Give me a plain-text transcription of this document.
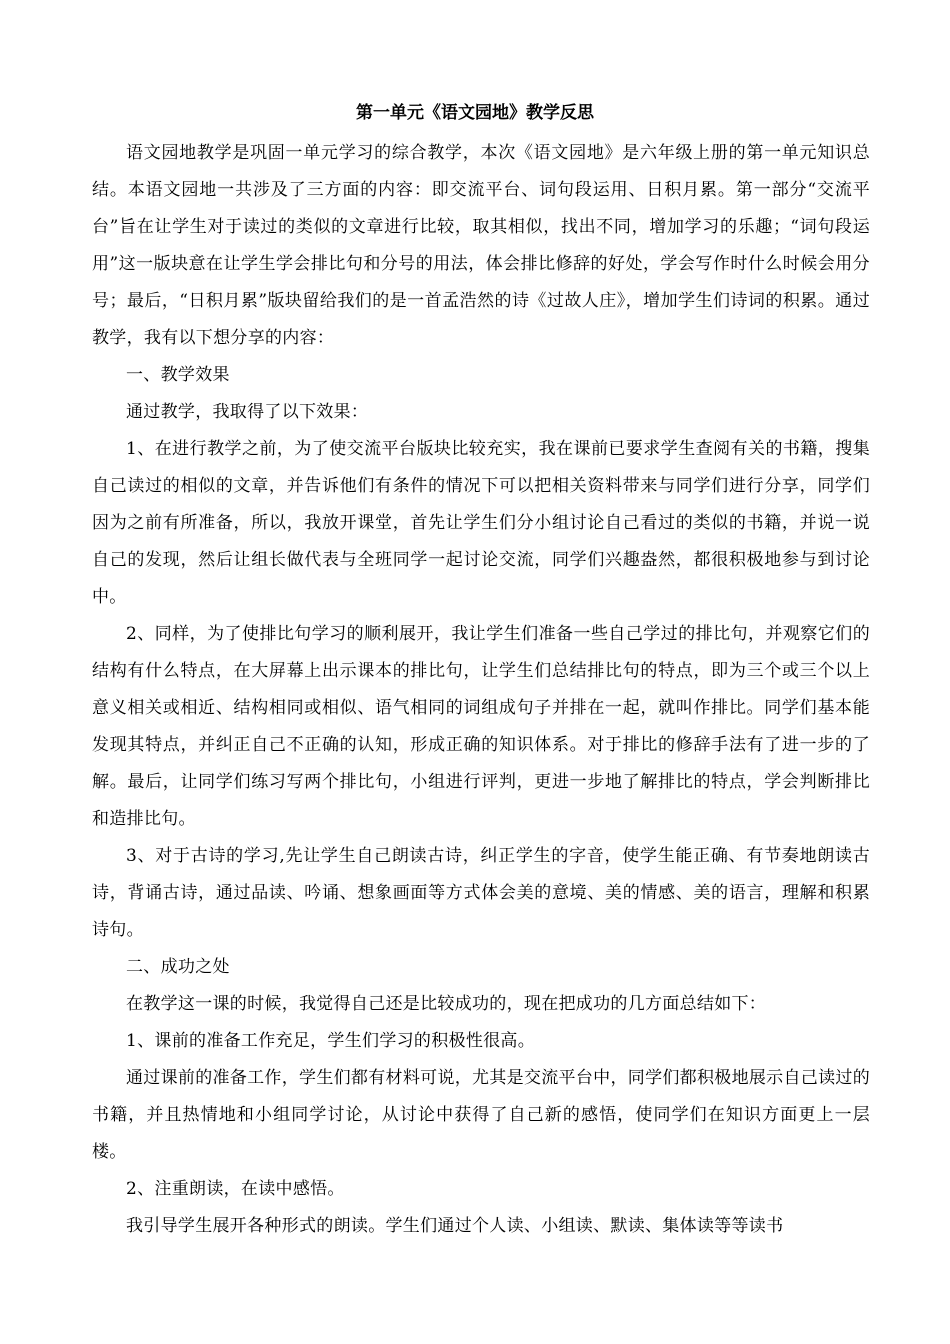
第一单元《语文园地》教学反思

语文园地教学是巩固一单元学习的综合教学，本次《语文园地》是六年级上册的第一单元知识总结。本语文园地一共涉及了三方面的内容：即交流平台、词句段运用、日积月累。第一部分“交流平台”旨在让学生对于读过的类似的文章进行比较，取其相似，找出不同，增加学习的乐趣；“词句段运用”这一版块意在让学生学会排比句和分号的用法，体会排比修辞的好处，学会写作时什么时候会用分号；最后，“日积月累”版块留给我们的是一首孟浩然的诗《过故人庄》，增加学生们诗词的积累。通过教学，我有以下想分享的内容：

一、教学效果

通过教学，我取得了以下效果：

1、在进行教学之前，为了使交流平台版块比较充实，我在课前已要求学生查阅有关的书籍，搜集自己读过的相似的文章，并告诉他们有条件的情况下可以把相关资料带来与同学们进行分享，同学们因为之前有所准备，所以，我放开课堂，首先让学生们分小组讨论自己看过的类似的书籍，并说一说自己的发现，然后让组长做代表与全班同学一起讨论交流，同学们兴趣盎然，都很积极地参与到讨论中。

2、同样，为了使排比句学习的顺利展开，我让学生们准备一些自己学过的排比句，并观察它们的结构有什么特点，在大屏幕上出示课本的排比句，让学生们总结排比句的特点，即为三个或三个以上意义相关或相近、结构相同或相似、语气相同的词组成句子并排在一起，就叫作排比。同学们基本能发现其特点，并纠正自己不正确的认知，形成正确的知识体系。对于排比的修辞手法有了进一步的了解。最后，让同学们练习写两个排比句，小组进行评判，更进一步地了解排比的特点，学会判断排比和造排比句。

3、对于古诗的学习,先让学生自己朗读古诗，纠正学生的字音，使学生能正确、有节奏地朗读古诗，背诵古诗，通过品读、吟诵、想象画面等方式体会美的意境、美的情感、美的语言，理解和积累诗句。

二、成功之处

在教学这一课的时候，我觉得自己还是比较成功的，现在把成功的几方面总结如下：

1、课前的准备工作充足，学生们学习的积极性很高。

通过课前的准备工作，学生们都有材料可说，尤其是交流平台中，同学们都积极地展示自己读过的书籍，并且热情地和小组同学讨论，从讨论中获得了自己新的感悟，使同学们在知识方面更上一层楼。

2、注重朗读，在读中感悟。

我引导学生展开各种形式的朗读。学生们通过个人读、小组读、默读、集体读等等读书
